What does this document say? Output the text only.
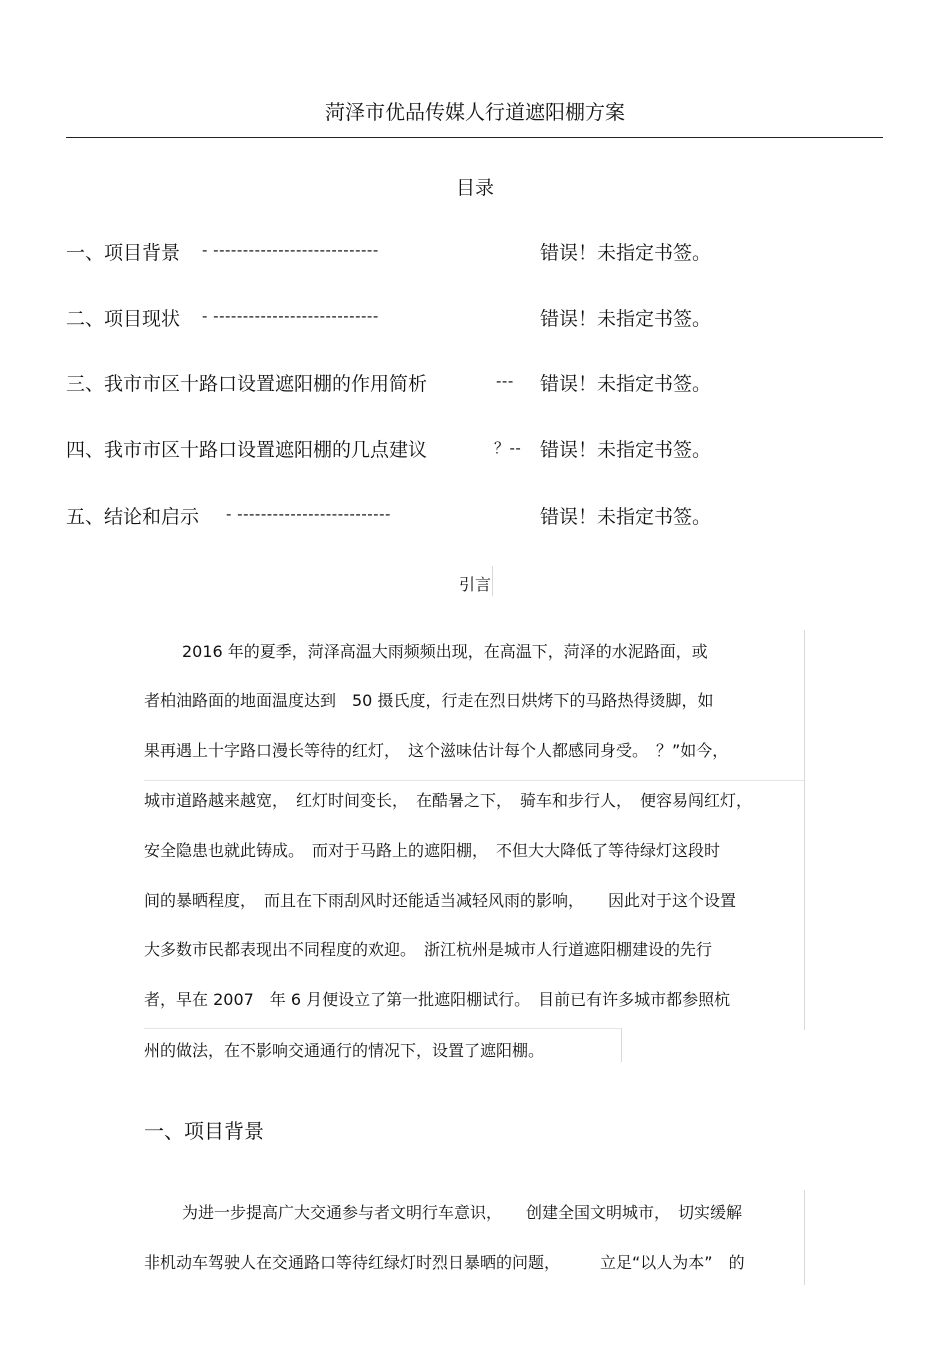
菏泽市优品传媒人行道遮阳棚方案
目录
一、项目背景 - ----------------------------	错误！未指定书签。
二、项目现状 - ----------------------------	错误！未指定书签。
三、我市市区十路口设置遮阳棚的作用简析	--- 错误！未指定书签。
四、我市市区十路口设置遮阳棚的几点建议	？-- 错误！未指定书签。
五、结论和启示 - --------------------------	错误！未指定书签。
引言
2016 年的夏季，菏泽高温大雨频频出现，在高温下，菏泽的水泥路面，或
者柏油路面的地面温度达到　50 摄氏度，行走在烈日烘烤下的马路热得烫脚，如
果再遇上十字路口漫长等待的红灯，　这个滋味估计每个人都感同身受。　？”如今，
城市道路越来越宽，　红灯时间变长，　在酷暑之下，　骑车和步行人，　便容易闯红灯，
安全隐患也就此铸成。　而对于马路上的遮阳棚，　不但大大降低了等待绿灯这段时
间的暴晒程度，　而且在下雨刮风时还能适当减轻风雨的影响，　　因此对于这个设置
大多数市民都表现出不同程度的欢迎。　浙江杭州是城市人行道遮阳棚建设的先行
者，早在 2007　年 6 月便设立了第一批遮阳棚试行。　目前已有许多城市都参照杭
州的做法，在不影响交通通行的情况下，设置了遮阳棚。
一、项目背景
为进一步提高广大交通参与者文明行车意识，　　创建全国文明城市，　切实缓解
非机动车驾驶人在交通路口等待红绿灯时烈日暴晒的问题，　　　立足“以人为本”　的
